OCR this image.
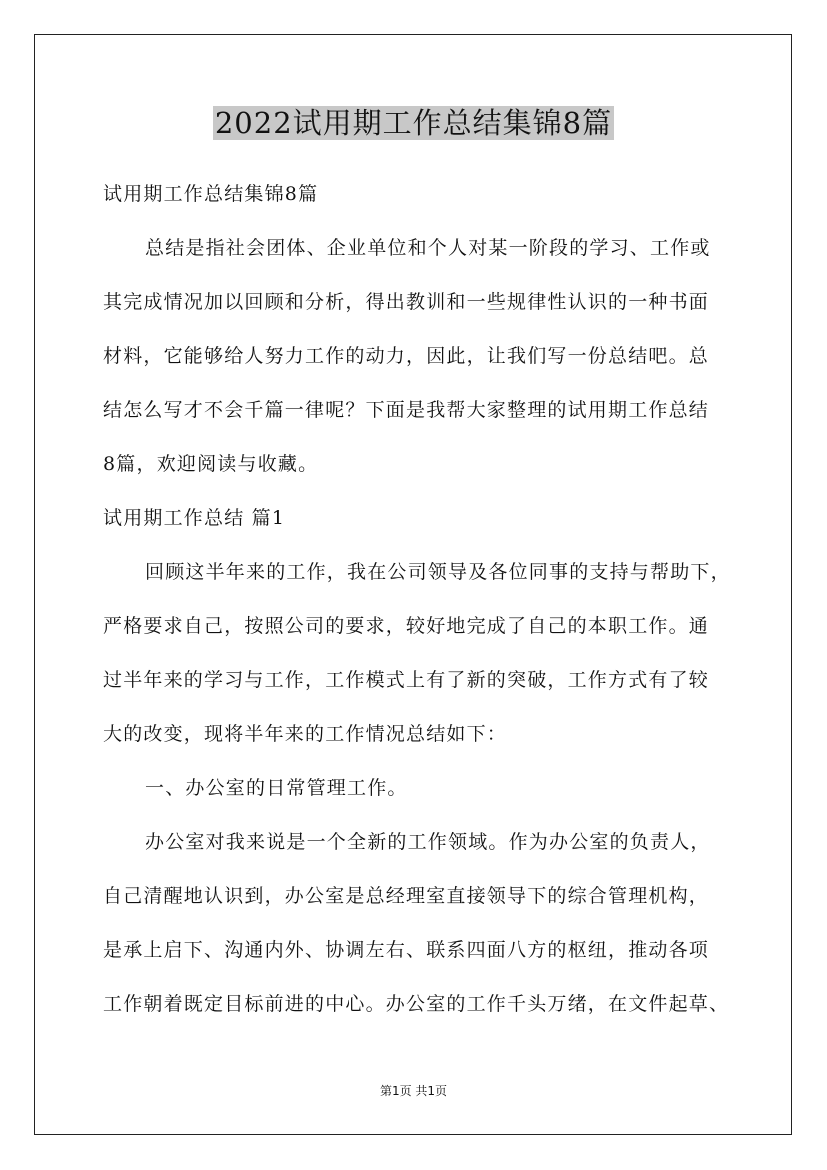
2022试用期工作总结集锦8篇
试用期工作总结集锦8篇
总结是指社会团体、企业单位和个人对某一阶段的学习、工作或
其完成情况加以回顾和分析，得出教训和一些规律性认识的一种书面
材料，它能够给人努力工作的动力，因此，让我们写一份总结吧。总
结怎么写才不会千篇一律呢？下面是我帮大家整理的试用期工作总结
8篇，欢迎阅读与收藏。
试用期工作总结 篇1
回顾这半年来的工作，我在公司领导及各位同事的支持与帮助下，
严格要求自己，按照公司的要求，较好地完成了自己的本职工作。通
过半年来的学习与工作，工作模式上有了新的突破，工作方式有了较
大的改变，现将半年来的工作情况总结如下：
一、办公室的日常管理工作。
办公室对我来说是一个全新的工作领域。作为办公室的负责人，
自己清醒地认识到，办公室是总经理室直接领导下的综合管理机构，
是承上启下、沟通内外、协调左右、联系四面八方的枢纽，推动各项
工作朝着既定目标前进的中心。办公室的工作千头万绪，在文件起草、
第1页 共1页
